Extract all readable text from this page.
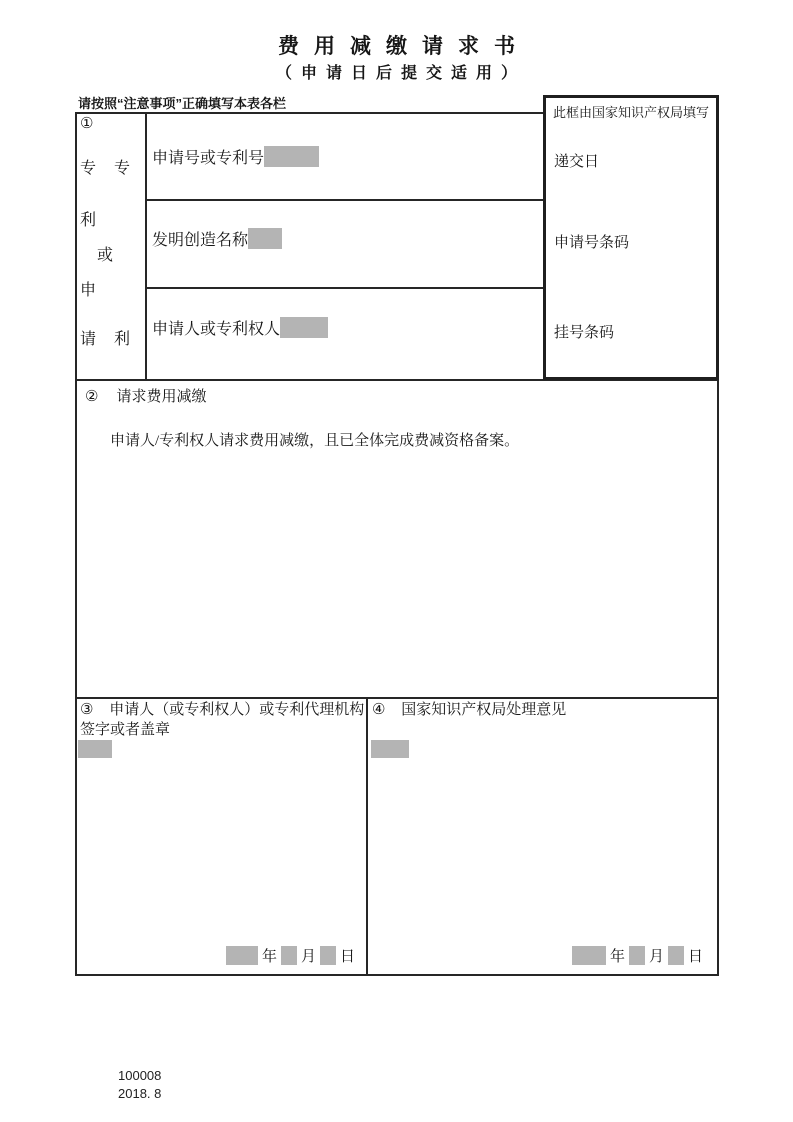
费用减缴请求书
（申请日后提交适用）
请按照“注意事项”正确填写本表各栏
①
专
利
申
请
或
专
利
申请号或专利号
发明创造名称
申请人或专利权人
此框由国家知识产权局填写
递交日
申请号条码
挂号条码
② 请求费用减缴
申请人/专利权人请求费用减缴，且已全体完成费减资格备案。
③ 申请人（或专利权人）或专利代理机构签字或者盖章
年 月 日
④ 国家知识产权局处理意见
年 月 日
100008
2018. 8
